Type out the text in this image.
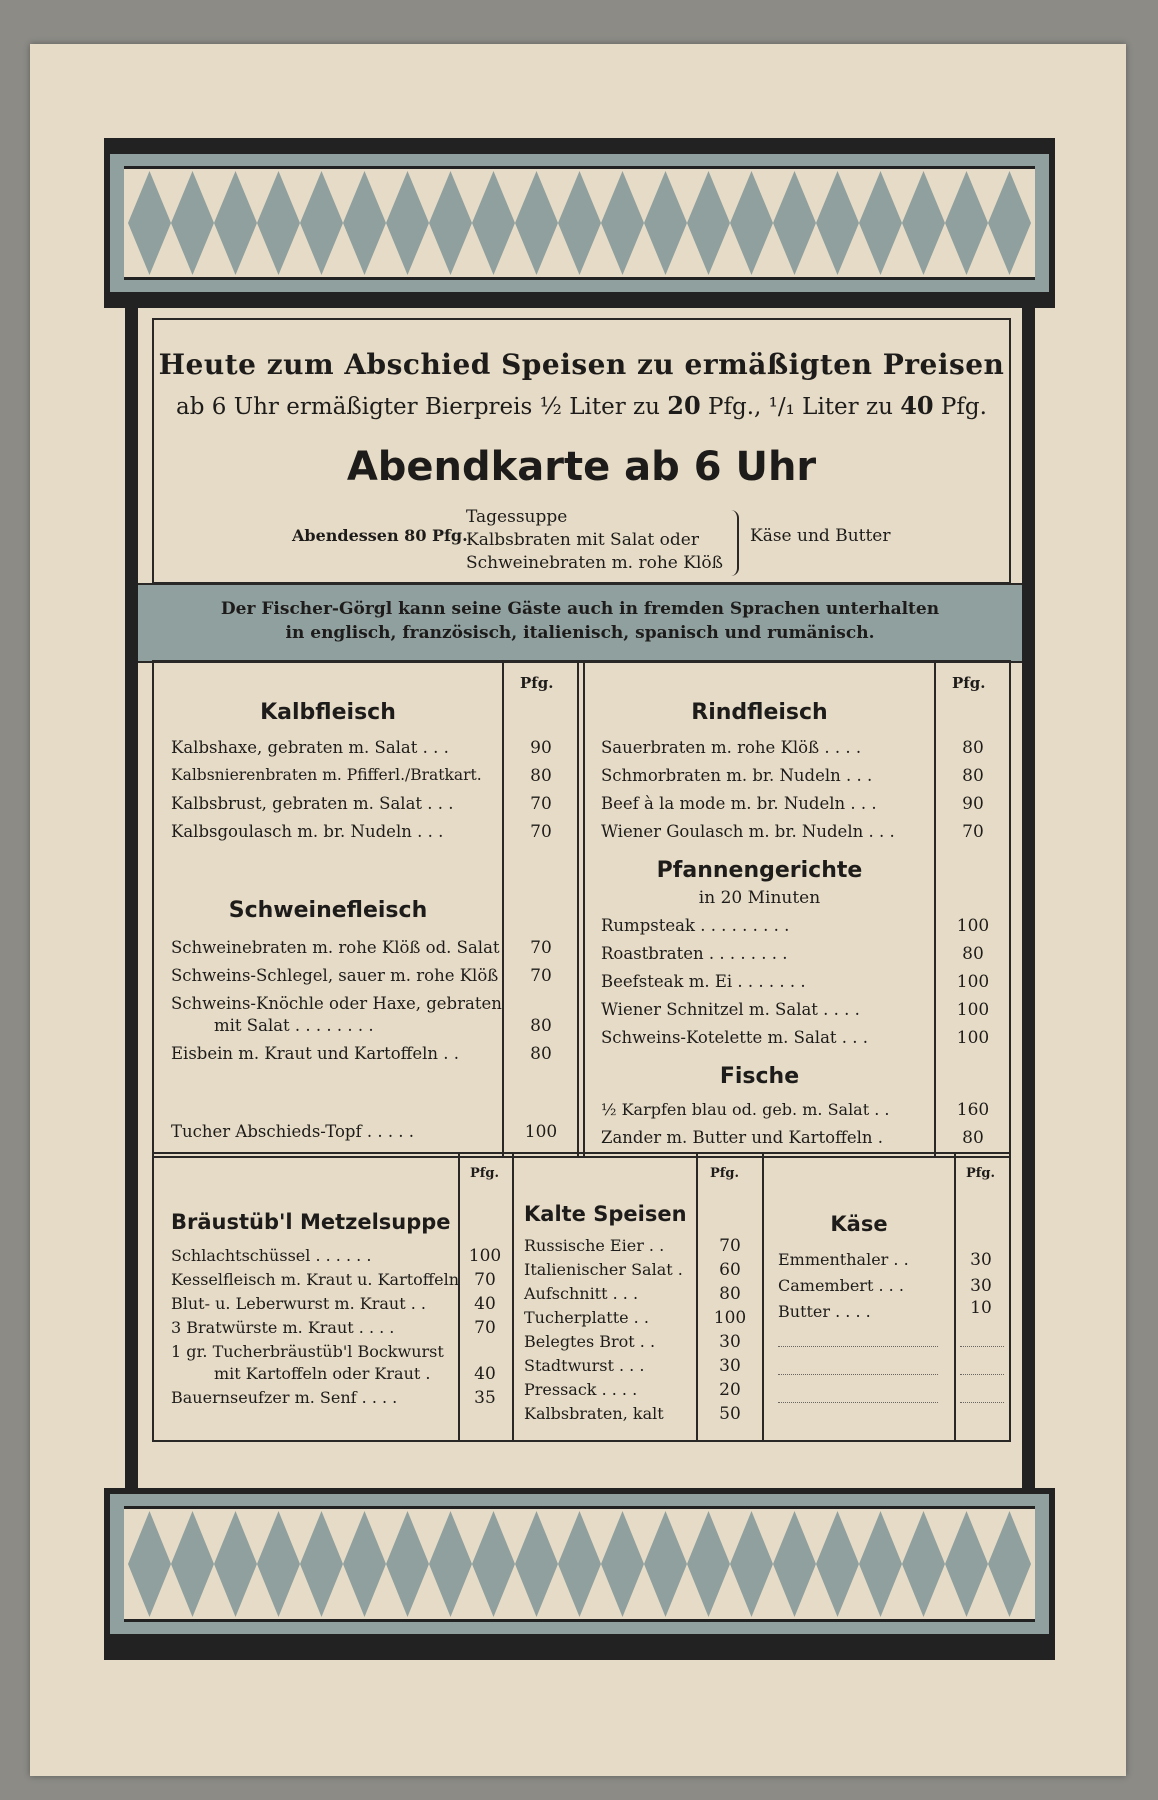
Heute zum Abschied Speisen zu ermäßigten Preisen
ab 6 Uhr ermäßigter Bierpreis ½ Liter zu 20 Pfg., ¹/₁ Liter zu 40 Pfg.
Abendkarte ab 6 Uhr
Abendessen 80 Pfg.
Tagessuppe
Kalbsbraten mit Salat oder
Schweinebraten m. rohe Klöß
Käse und Butter
Der Fischer-Görgl kann seine Gäste auch in fremden Sprachen unterhalten
in englisch, französisch, italienisch, spanisch und rumänisch.
Pfg.	Pfg.
Kalbfleisch
Kalbshaxe, gebraten m. Salat . . .	90
Kalbsnierenbraten m. Pfifferl./Bratkart.	80
Kalbsbrust, gebraten m. Salat . . .	70
Kalbsgoulasch m. br. Nudeln . . .	70
Schweinefleisch
Schweinebraten m. rohe Klöß od. Salat	70
Schweins-Schlegel, sauer m. rohe Klöß	70
Schweins-Knöchle oder Haxe, gebraten
mit Salat . . . . . . . .	80
Eisbein m. Kraut und Kartoffeln . .	80
Tucher Abschieds-Topf . . . . .	100
Rindfleisch
Sauerbraten m. rohe Klöß . . . .	80
Schmorbraten m. br. Nudeln . . .	80
Beef à la mode m. br. Nudeln . . .	90
Wiener Goulasch m. br. Nudeln . . .	70
Pfannengerichte
in 20 Minuten
Rumpsteak . . . . . . . . .	100
Roastbraten . . . . . . . .	80
Beefsteak m. Ei . . . . . . .	100
Wiener Schnitzel m. Salat . . . .	100
Schweins-Kotelette m. Salat . . .	100
Fische
½ Karpfen blau od. geb. m. Salat . .	160
Zander m. Butter und Kartoffeln .	80
Pfg.	Pfg.	Pfg.
Bräustüb'l Metzelsuppe
Schlachtschüssel . . . . . .	100
Kesselfleisch m. Kraut u. Kartoffeln 70
Blut- u. Leberwurst m. Kraut . .	40
3 Bratwürste m. Kraut . . . .	70
1 gr. Tucherbräustüb'l Bockwurst
mit Kartoffeln oder Kraut .	40
Bauernseufzer m. Senf . . . .	35
Kalte Speisen
Russische Eier . .	70
Italienischer Salat .	60
Aufschnitt . . .	80
Tucherplatte . .	100
Belegtes Brot . .	30
Stadtwurst . . .	30
Pressack . . . .	20
Kalbsbraten, kalt	50
Käse
Emmenthaler . .	30
Camembert . . .	30
Butter . . . .	10
